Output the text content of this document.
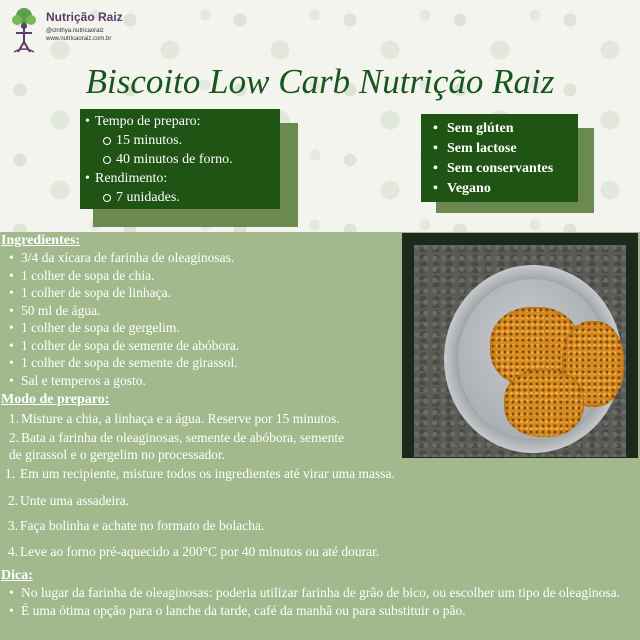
Nutrição Raiz
@cinthya.nutricaoraiz
www.nutricaoraiz.com.br
Biscoito Low Carb Nutrição Raiz
• Tempo de preparo:
15 minutos.
40 minutos de forno.
• Rendimento:
7 unidades.
• Sem glúten
• Sem lactose
• Sem conservantes
• Vegano
Ingredientes:
• 3/4 da xícara de farinha de oleaginosas.
• 1 colher de sopa de chia.
• 1 colher de sopa de linhaça.
• 50 ml de água.
• 1 colher de sopa de gergelim.
• 1 colher de sopa de semente de abóbora.
• 1 colher de sopa de semente de girassol.
• Sal e temperos a gosto.
Modo de preparo:
1. Misture a chia, a linhaça e a água. Reserve por 15 minutos.
2. Bata a farinha de oleaginosas, semente de abóbora, semente
de girassol e o gergelim no processador.
1. Em um recipiente, misture todos os ingredientes até virar uma massa.
2. Unte uma assadeira.
3. Faça bolinha e achate no formato de bolacha.
4. Leve ao forno pré-aquecido a 200°C por 40 minutos ou até dourar.
Dica:
• No lugar da farinha de oleaginosas: poderia utilizar farinha de grão de bico, ou escolher um tipo de oleaginosa.
• É uma ótima opção para o lanche da tarde, café da manhã ou para substituir o pão.
